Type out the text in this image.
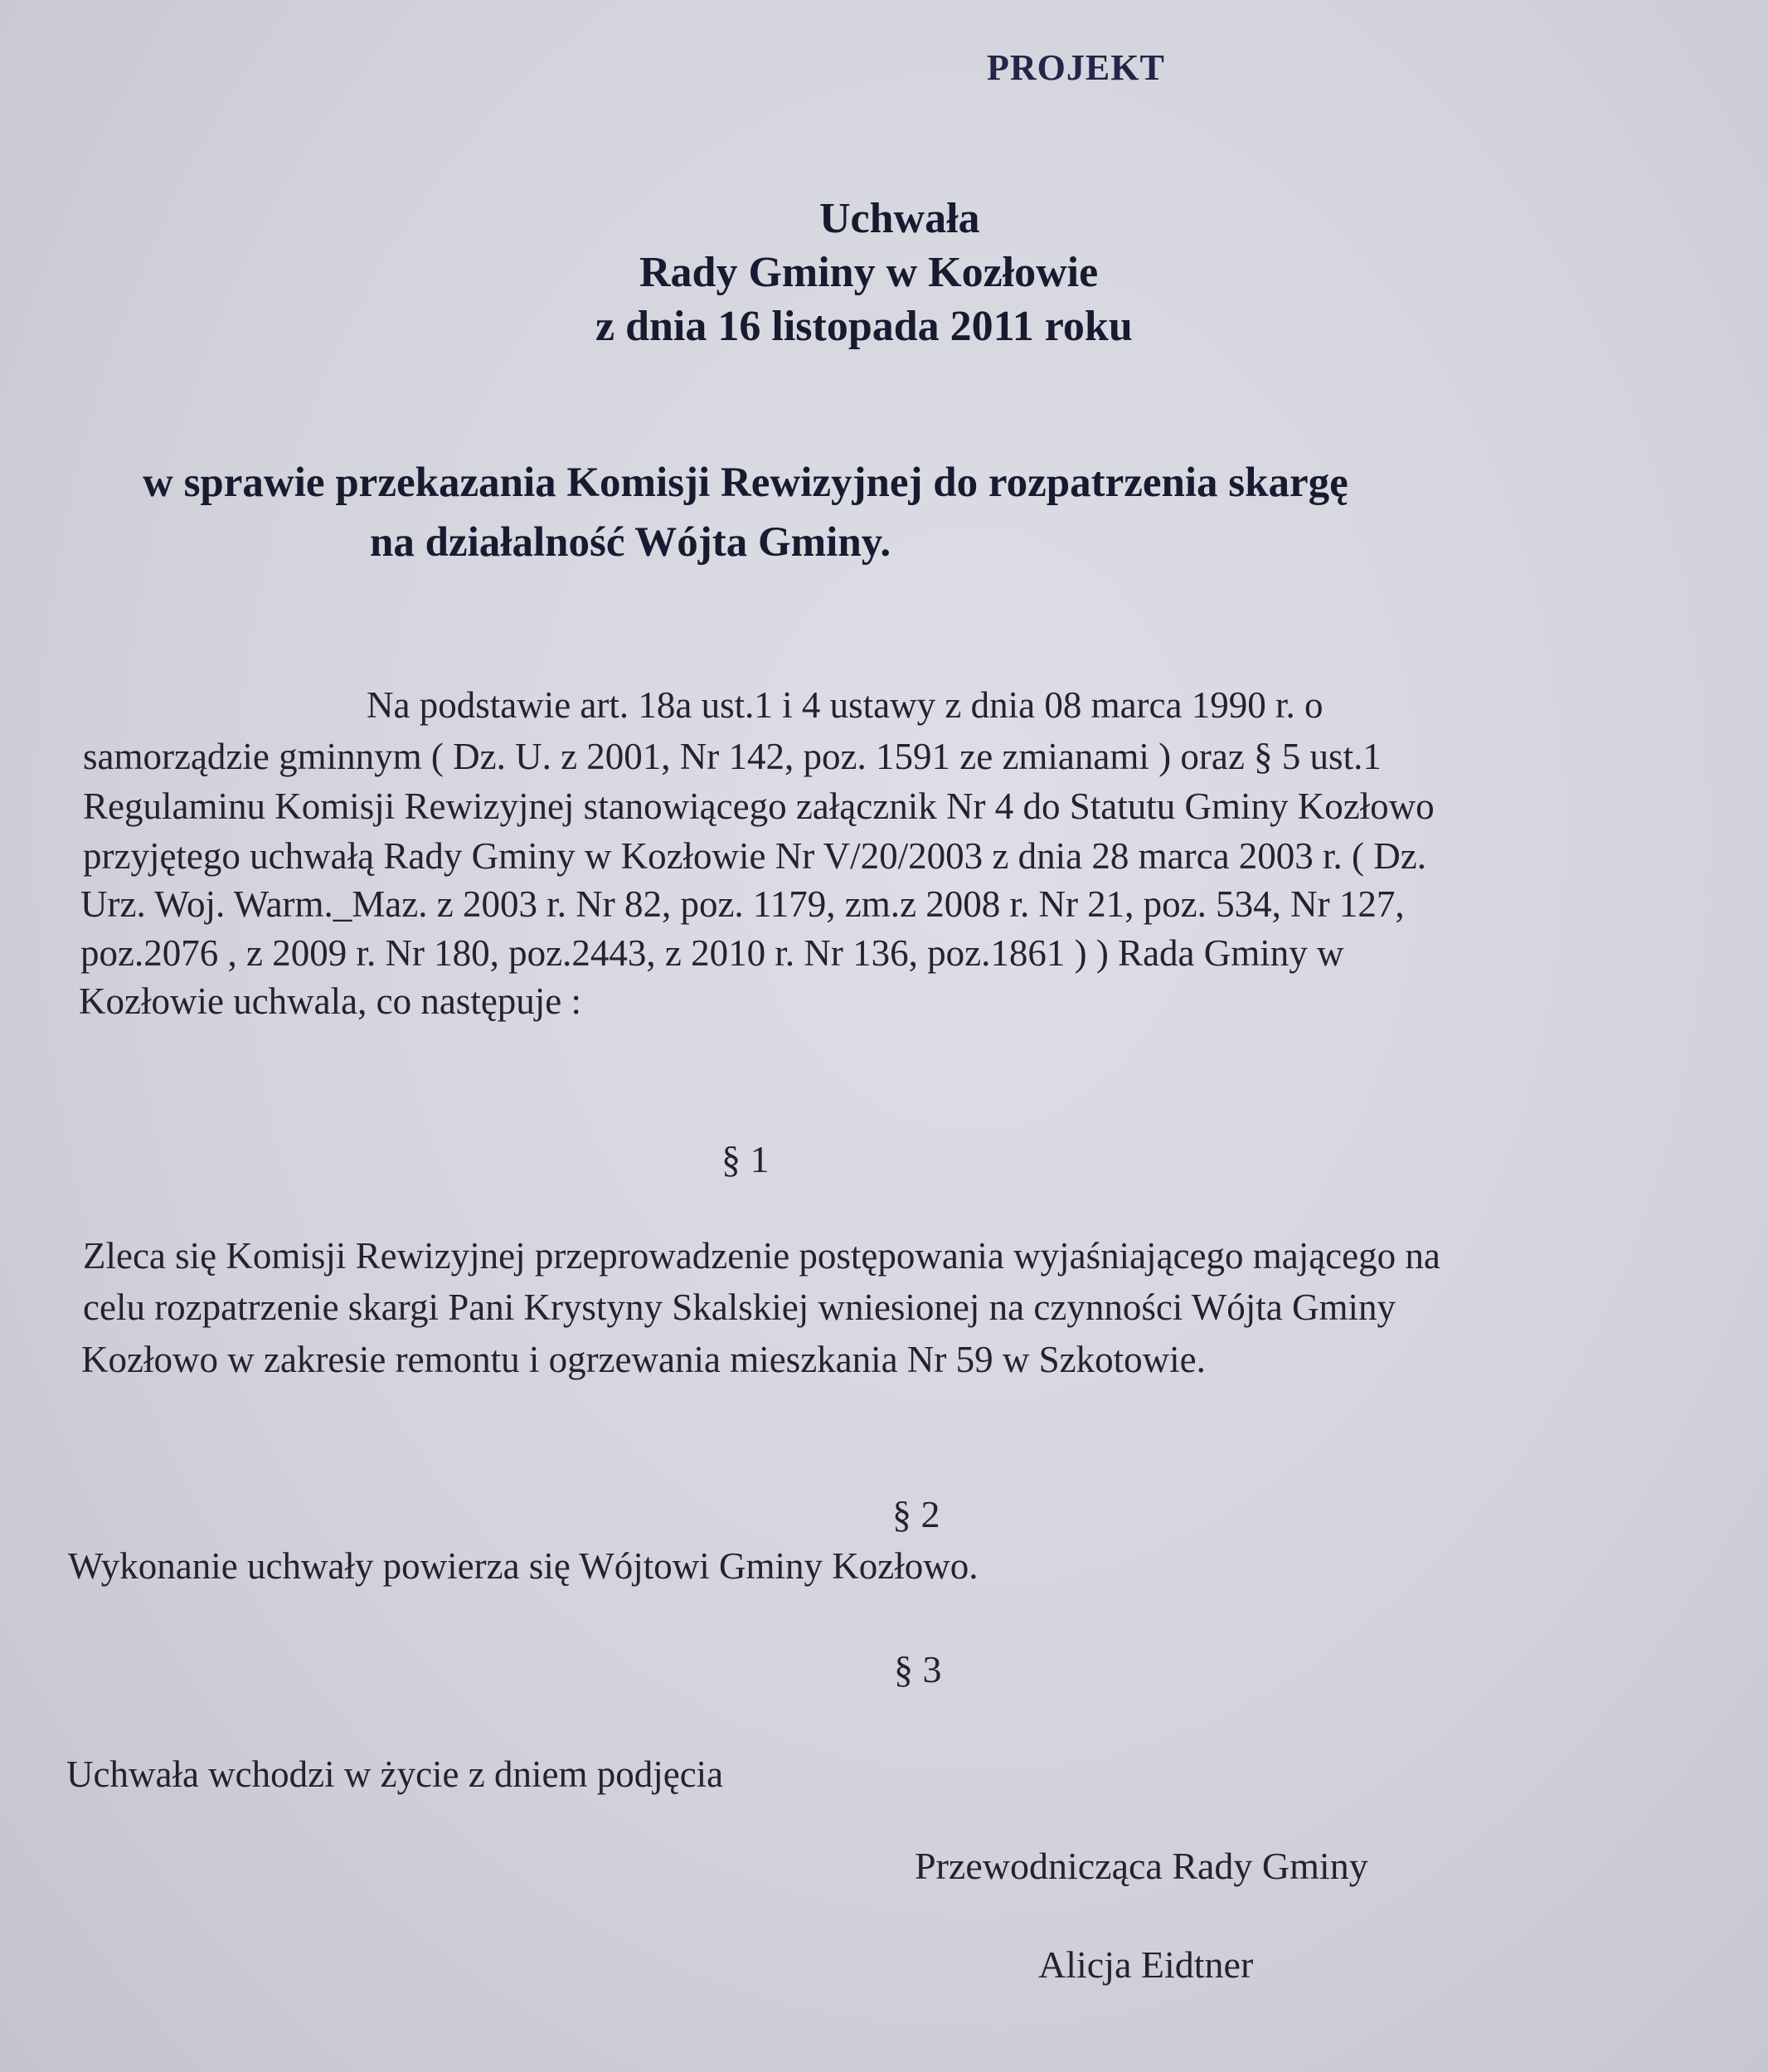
PROJEKT

Uchwała

Rady Gminy w Kozłowie

z dnia 16 listopada 2011 roku

w sprawie przekazania Komisji Rewizyjnej do rozpatrzenia skargę

na działalność Wójta Gminy.

Na podstawie art. 18a ust.1 i 4 ustawy z dnia 08 marca 1990 r. o

samorządzie gminnym ( Dz. U. z 2001, Nr 142, poz. 1591 ze zmianami ) oraz § 5 ust.1

Regulaminu Komisji Rewizyjnej stanowiącego załącznik Nr 4 do Statutu Gminy Kozłowo

przyjętego uchwałą Rady Gminy w Kozłowie Nr V/20/2003 z dnia 28 marca 2003 r. ( Dz.

Urz. Woj. Warm._Maz. z 2003 r. Nr 82, poz. 1179, zm.z 2008 r. Nr 21, poz. 534, Nr 127,

poz.2076 , z 2009 r. Nr 180, poz.2443, z 2010 r. Nr 136, poz.1861 ) ) Rada Gminy w

Kozłowie uchwala, co następuje :

§ 1

Zleca się Komisji Rewizyjnej przeprowadzenie postępowania wyjaśniającego mającego na

celu rozpatrzenie skargi Pani Krystyny Skalskiej wniesionej na czynności Wójta Gminy

Kozłowo w zakresie remontu i ogrzewania mieszkania Nr 59 w Szkotowie.

§ 2

Wykonanie uchwały powierza się Wójtowi Gminy Kozłowo.

§ 3

Uchwała wchodzi w życie z dniem podjęcia

Przewodnicząca Rady Gminy

Alicja Eidtner
